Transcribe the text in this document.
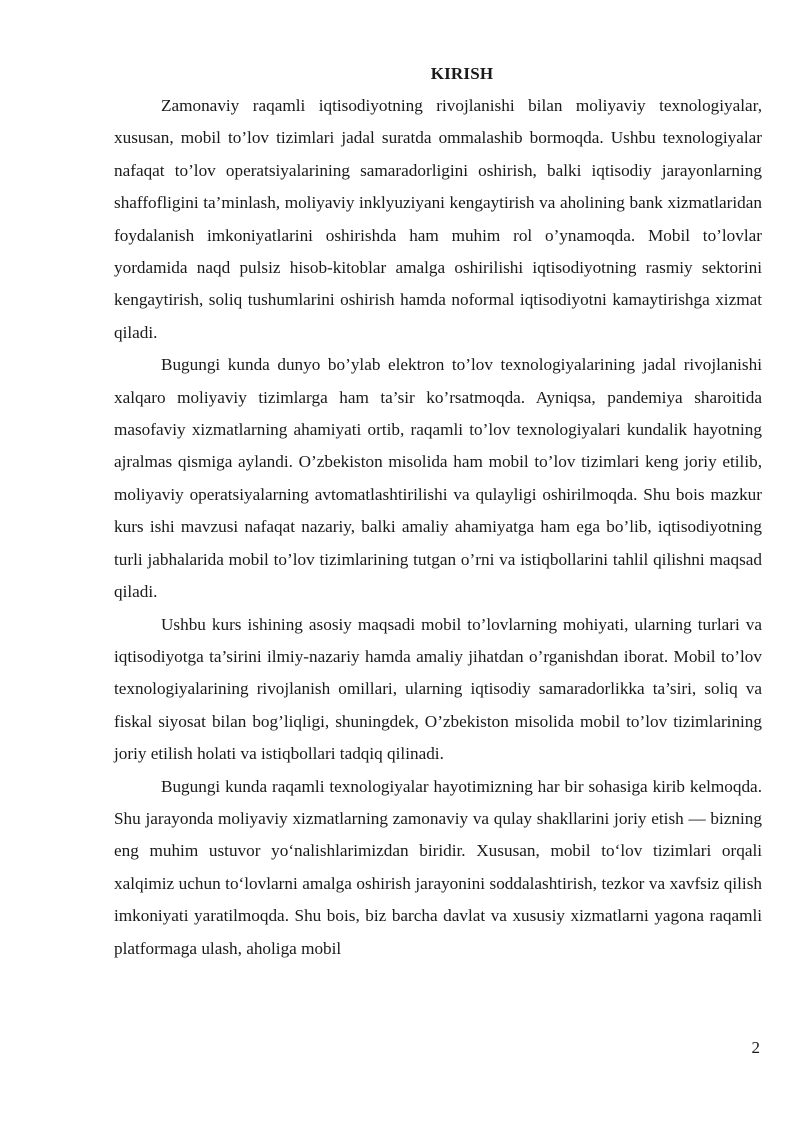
KIRISH

Zamonaviy raqamli iqtisodiyotning rivojlanishi bilan moliyaviy texnologiyalar, xususan, mobil to’lov tizimlari jadal suratda ommalashib bormoqda. Ushbu texnologiyalar nafaqat to’lov operatsiyalarining samaradorligini oshirish, balki iqtisodiy jarayonlarning shaffofligini ta’minlash, moliyaviy inklyuziyani kengaytirish va aholining bank xizmatlaridan foydalanish imkoniyatlarini oshirishda ham muhim rol o’ynamoqda. Mobil to’lovlar yordamida naqd pulsiz hisob-kitoblar amalga oshirilishi iqtisodiyotning rasmiy sektorini kengaytirish, soliq tushumlarini oshirish hamda noformal iqtisodiyotni kamaytirishga xizmat qiladi.

Bugungi kunda dunyo bo’ylab elektron to’lov texnologiyalarining jadal rivojlanishi xalqaro moliyaviy tizimlarga ham ta’sir ko’rsatmoqda. Ayniqsa, pandemiya sharoitida masofaviy xizmatlarning ahamiyati ortib, raqamli to’lov texnologiyalari kundalik hayotning ajralmas qismiga aylandi. O’zbekiston misolida ham mobil to’lov tizimlari keng joriy etilib, moliyaviy operatsiyalarning avtomatlashtirilishi va qulayligi oshirilmoqda. Shu bois mazkur kurs ishi mavzusi nafaqat nazariy, balki amaliy ahamiyatga ham ega bo’lib, iqtisodiyotning turli jabhalarida mobil to’lov tizimlarining tutgan o’rni va istiqbollarini tahlil qilishni maqsad qiladi.

Ushbu kurs ishining asosiy maqsadi mobil to’lovlarning mohiyati, ularning turlari va iqtisodiyotga ta’sirini ilmiy-nazariy hamda amaliy jihatdan o’rganishdan iborat. Mobil to’lov texnologiyalarining rivojlanish omillari, ularning iqtisodiy samaradorlikka ta’siri, soliq va fiskal siyosat bilan bog’liqligi, shuningdek, O’zbekiston misolida mobil to’lov tizimlarining joriy etilish holati va istiqbollari tadqiq qilinadi.

Bugungi kunda raqamli texnologiyalar hayotimizning har bir sohasiga kirib kelmoqda. Shu jarayonda moliyaviy xizmatlarning zamonaviy va qulay shakllarini joriy etish — bizning eng muhim ustuvor yo‘nalishlarimizdan biridir. Xususan, mobil to‘lov tizimlari orqali xalqimiz uchun to‘lovlarni amalga oshirish jarayonini soddalashtirish, tezkor va xavfsiz qilish imkoniyati yaratilmoqda. Shu bois, biz barcha davlat va xususiy xizmatlarni yagona raqamli platformaga ulash, aholiga mobil

2
